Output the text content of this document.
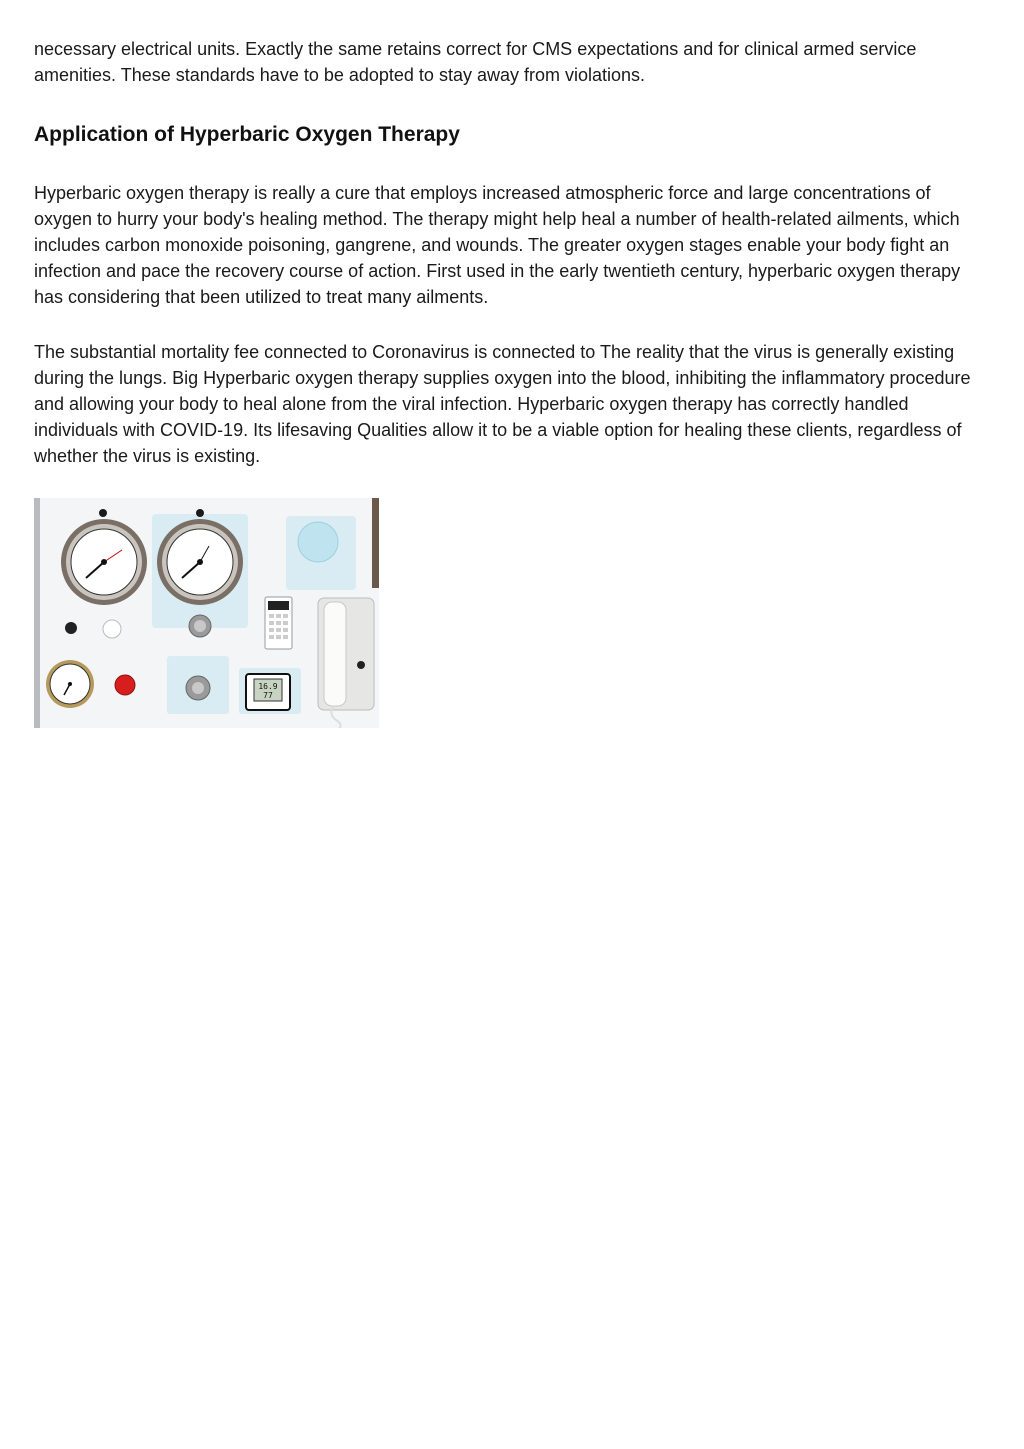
necessary electrical units. Exactly the same retains correct for CMS expectations and for clinical armed service amenities. These standards have to be adopted to stay away from violations.

Application of Hyperbaric Oxygen Therapy

Hyperbaric oxygen therapy is really a cure that employs increased atmospheric force and large concentrations of oxygen to hurry your body's healing method. The therapy might help heal a number of health-related ailments, which includes carbon monoxide poisoning, gangrene, and wounds. The greater oxygen stages enable your body fight an infection and pace the recovery course of action. First used in the early twentieth century, hyperbaric oxygen therapy has considering that been utilized to treat many ailments.

The substantial mortality fee connected to Coronavirus is connected to The reality that the virus is generally existing during the lungs. Big Hyperbaric oxygen therapy supplies oxygen into the blood, inhibiting the inflammatory procedure and allowing your body to heal alone from the viral infection. Hyperbaric oxygen therapy has correctly handled individuals with COVID-19. Its lifesaving Qualities allow it to be a viable option for healing these clients, regardless of whether the virus is existing.

16.9
77
